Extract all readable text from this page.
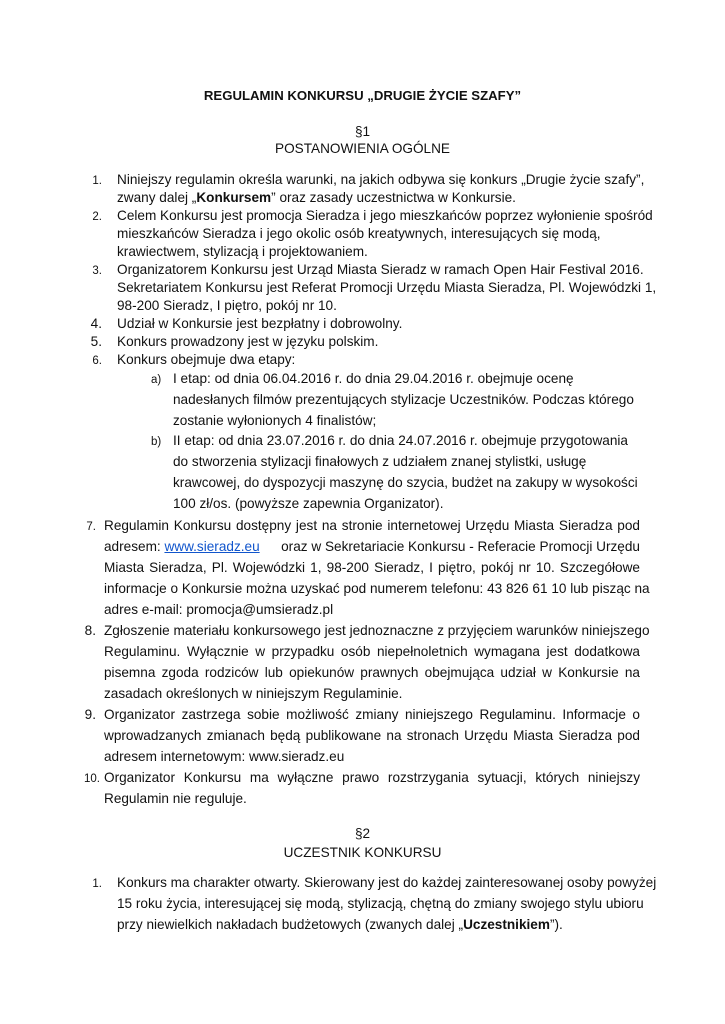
REGULAMIN KONKURSU „DRUGIE ŻYCIE SZAFY”
§1
POSTANOWIENIA OGÓLNE
1. Niniejszy regulamin określa warunki, na jakich odbywa się konkurs „Drugie życie szafy”,
zwany dalej „Konkursem” oraz zasady uczestnictwa w Konkursie.
2. Celem Konkursu jest promocja Sieradza i jego mieszkańców poprzez wyłonienie spośród
mieszkańców Sieradza i jego okolic osób kreatywnych, interesujących się modą,
krawiectwem, stylizacją i projektowaniem.
3. Organizatorem Konkursu jest Urząd Miasta Sieradz w ramach Open Hair Festival 2016.
Sekretariatem Konkursu jest Referat Promocji Urzędu Miasta Sieradza, Pl. Wojewódzki 1,
98-200 Sieradz, I piętro, pokój nr 10.
4. Udział w Konkursie jest bezpłatny i dobrowolny.
5. Konkurs prowadzony jest w języku polskim.
6. Konkurs obejmuje dwa etapy:
a) I etap: od dnia 06.04.2016 r. do dnia 29.04.2016 r. obejmuje ocenę
nadesłanych filmów prezentujących stylizacje Uczestników. Podczas którego
zostanie wyłonionych 4 finalistów;
b) II etap: od dnia 23.07.2016 r. do dnia 24.07.2016 r. obejmuje przygotowania
do stworzenia stylizacji finałowych z udziałem znanej stylistki, usługę
krawcowej, do dyspozycji maszynę do szycia, budżet na zakupy w wysokości
100 zł/os. (powyższe zapewnia Organizator).
7. Regulamin Konkursu dostępny jest na stronie internetowej Urzędu Miasta Sieradza pod
adresem: www.sieradz.eu oraz w Sekretariacie Konkursu - Referacie Promocji Urzędu
Miasta Sieradza, Pl. Wojewódzki 1, 98-200 Sieradz, I piętro, pokój nr 10. Szczegółowe
informacje o Konkursie można uzyskać pod numerem telefonu: 43 826 61 10 lub pisząc na
adres e-mail: promocja@umsieradz.pl
8. Zgłoszenie materiału konkursowego jest jednoznaczne z przyjęciem warunków niniejszego
Regulaminu. Wyłącznie w przypadku osób niepełnoletnich wymagana jest dodatkowa
pisemna zgoda rodziców lub opiekunów prawnych obejmująca udział w Konkursie na
zasadach określonych w niniejszym Regulaminie.
9. Organizator zastrzega sobie możliwość zmiany niniejszego Regulaminu. Informacje o
wprowadzanych zmianach będą publikowane na stronach Urzędu Miasta Sieradza pod
adresem internetowym: www.sieradz.eu
10. Organizator Konkursu ma wyłączne prawo rozstrzygania sytuacji, których niniejszy
Regulamin nie reguluje.
§2
UCZESTNIK KONKURSU
1. Konkurs ma charakter otwarty. Skierowany jest do każdej zainteresowanej osoby powyżej
15 roku życia, interesującej się modą, stylizacją, chętną do zmiany swojego stylu ubioru
przy niewielkich nakładach budżetowych (zwanych dalej „Uczestnikiem”).
